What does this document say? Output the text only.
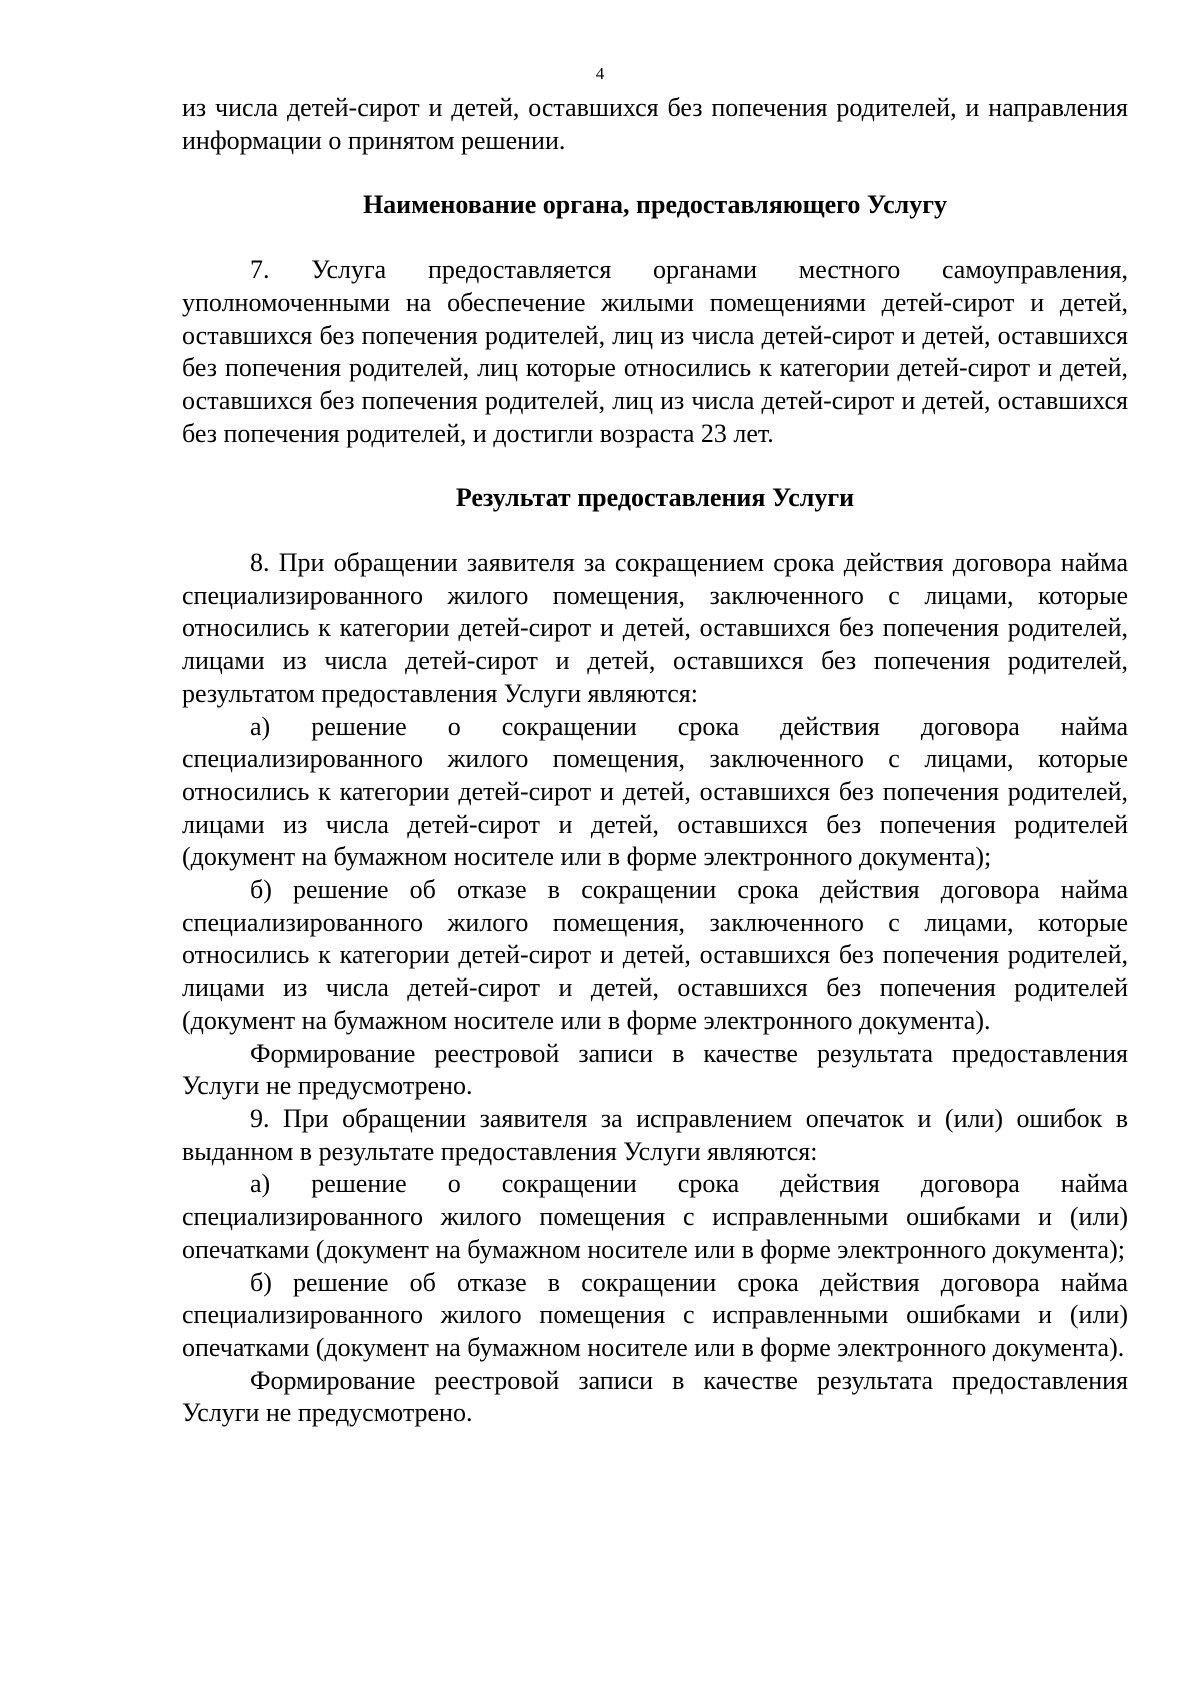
4

из числа детей-сирот и детей, оставшихся без попечения родителей, и направления информации о принятом решении.

Наименование органа, предоставляющего Услугу

7. Услуга предоставляется органами местного самоуправления, уполномоченными на обеспечение жилыми помещениями детей-сирот и детей, оставшихся без попечения родителей, лиц из числа детей-сирот и детей, оставшихся без попечения родителей, лиц которые относились к категории детей-сирот и детей, оставшихся без попечения родителей, лиц из числа детей-сирот и детей, оставшихся без попечения родителей, и достигли возраста 23 лет.

Результат предоставления Услуги

8. При обращении заявителя за сокращением срока действия договора найма специализированного жилого помещения, заключенного с лицами, которые относились к категории детей-сирот и детей, оставшихся без попечения родителей, лицами из числа детей-сирот и детей, оставшихся без попечения родителей, результатом предоставления Услуги являются:

а) решение о сокращении срока действия договора найма специализированного жилого помещения, заключенного с лицами, которые относились к категории детей-сирот и детей, оставшихся без попечения родителей, лицами из числа детей-сирот и детей, оставшихся без попечения родителей (документ на бумажном носителе или в форме электронного документа);

б) решение об отказе в сокращении срока действия договора найма специализированного жилого помещения, заключенного с лицами, которые относились к категории детей-сирот и детей, оставшихся без попечения родителей, лицами из числа детей-сирот и детей, оставшихся без попечения родителей (документ на бумажном носителе или в форме электронного документа).

Формирование реестровой записи в качестве результата предоставления Услуги не предусмотрено.

9. При обращении заявителя за исправлением опечаток и (или) ошибок в выданном в результате предоставления Услуги являются:

а) решение о сокращении срока действия договора найма специализированного жилого помещения с исправленными ошибками и (или) опечатками (документ на бумажном носителе или в форме электронного документа);

б) решение об отказе в сокращении срока действия договора найма специализированного жилого помещения с исправленными ошибками и (или) опечатками (документ на бумажном носителе или в форме электронного документа).

Формирование реестровой записи в качестве результата предоставления Услуги не предусмотрено.
